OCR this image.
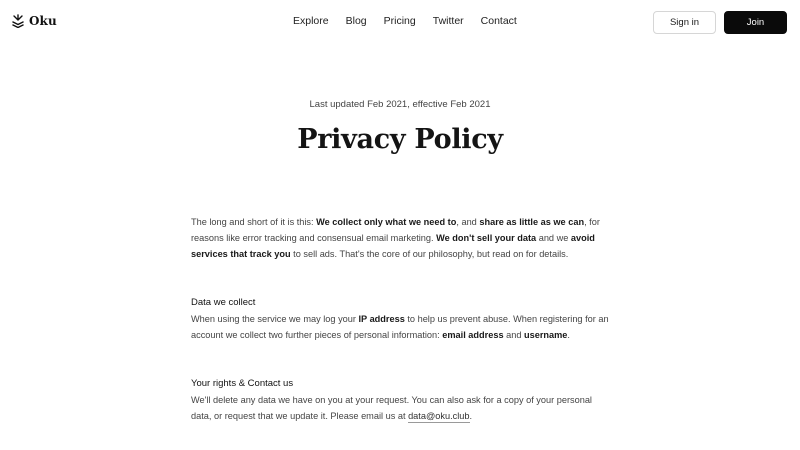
Oku	Explore Blog Pricing Twitter Contact	Sign in	Join
Last updated Feb 2021, effective Feb 2021
Privacy Policy

The long and short of it is this: We collect only what we need to, and share as little as we can, for reasons like error tracking and consensual email marketing. We don't sell your data and we avoid services that track you to sell ads. That's the core of our philosophy, but read on for details.

Data we collect

When using the service we may log your IP address to help us prevent abuse. When registering for an account we collect two further pieces of personal information: email address and username.

Your rights & Contact us

We'll delete any data we have on you at your request. You can also ask for a copy of your personal data, or request that we update it. Please email us at data@oku.club.
